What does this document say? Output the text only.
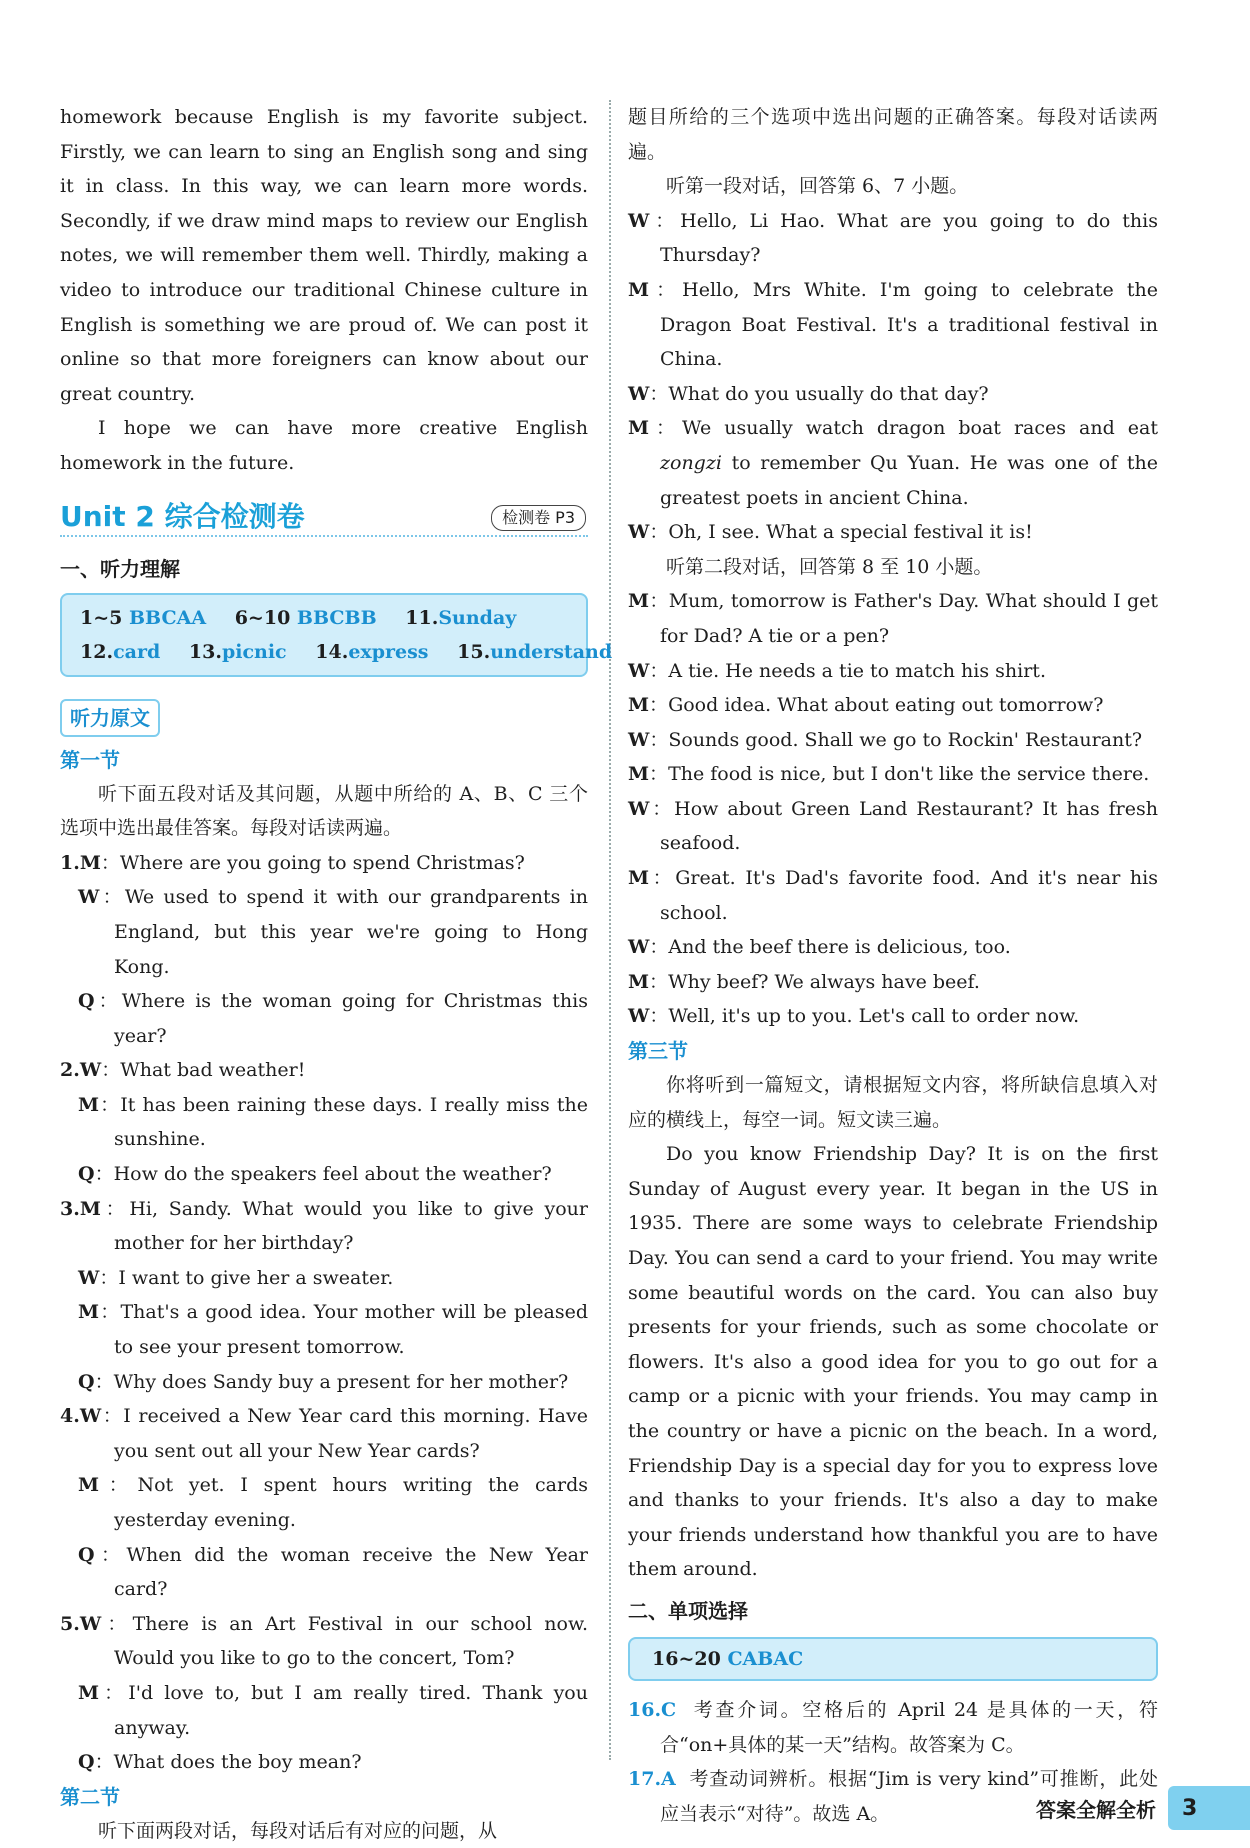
homework because English is my favorite subject. Firstly, we can learn to sing an English song and sing it in class. In this way, we can learn more words. Secondly, if we draw mind maps to review our English notes, we will remember them well. Thirdly, making a video to introduce our traditional Chinese culture in English is something we are proud of. We can post it online so that more foreigners can know about our great country.

I hope we can have more creative English homework in the future.

Unit 2 综合检测卷	检测卷 P3
一、听力理解
1~5 BBCAA 6~10 BBCBB 11.Sunday
12.card 13.picnic 14.express 15.understand
听力原文
第一节

听下面五段对话及其问题，从题中所给的 A、B、C 三个选项中选出最佳答案。每段对话读两遍。

1.M：Where are you going to spend Christmas?

W：We used to spend it with our grandparents in England, but this year we're going to Hong Kong.

Q：Where is the woman going for Christmas this year?

2.W：What bad weather!

M：It has been raining these days. I really miss the sunshine.

Q：How do the speakers feel about the weather?

3.M：Hi, Sandy. What would you like to give your mother for her birthday?

W：I want to give her a sweater.

M：That's a good idea. Your mother will be pleased to see your present tomorrow.

Q：Why does Sandy buy a present for her mother?

4.W：I received a New Year card this morning. Have you sent out all your New Year cards?

M：Not yet. I spent hours writing the cards yesterday evening.

Q：When did the woman receive the New Year card?

5.W：There is an Art Festival in our school now. Would you like to go to the concert, Tom?

M：I'd love to, but I am really tired. Thank you anyway.

Q：What does the boy mean?

第二节

听下面两段对话，每段对话后有对应的问题，从

题目所给的三个选项中选出问题的正确答案。每段对话读两遍。

听第一段对话，回答第 6、7 小题。

W：Hello, Li Hao. What are you going to do this Thursday?

M：Hello, Mrs White. I'm going to celebrate the Dragon Boat Festival. It's a traditional festival in China.

W：What do you usually do that day?

M：We usually watch dragon boat races and eat zongzi to remember Qu Yuan. He was one of the greatest poets in ancient China.

W：Oh, I see. What a special festival it is!

听第二段对话，回答第 8 至 10 小题。

M：Mum, tomorrow is Father's Day. What should I get for Dad? A tie or a pen?

W：A tie. He needs a tie to match his shirt.

M：Good idea. What about eating out tomorrow?

W：Sounds good. Shall we go to Rockin' Restaurant?

M：The food is nice, but I don't like the service there.

W：How about Green Land Restaurant? It has fresh seafood.

M：Great. It's Dad's favorite food. And it's near his school.

W：And the beef there is delicious, too.

M：Why beef? We always have beef.

W：Well, it's up to you. Let's call to order now.

第三节

你将听到一篇短文，请根据短文内容，将所缺信息填入对应的横线上，每空一词。短文读三遍。

Do you know Friendship Day? It is on the first Sunday of August every year. It began in the US in 1935. There are some ways to celebrate Friendship Day. You can send a card to your friend. You may write some beautiful words on the card. You can also buy presents for your friends, such as some chocolate or flowers. It's also a good idea for you to go out for a camp or a picnic with your friends. You may camp in the country or have a picnic on the beach. In a word, Friendship Day is a special day for you to express love and thanks to your friends. It's also a day to make your friends understand how thankful you are to have them around.

二、单项选择
16~20 CABAC

16.C 考查介词。空格后的 April 24 是具体的一天，符合“on+具体的某一天”结构。故答案为 C。

17.A 考查动词辨析。根据“Jim is very kind”可推断，此处应当表示“对待”。故选 A。	答案全解全析	3
